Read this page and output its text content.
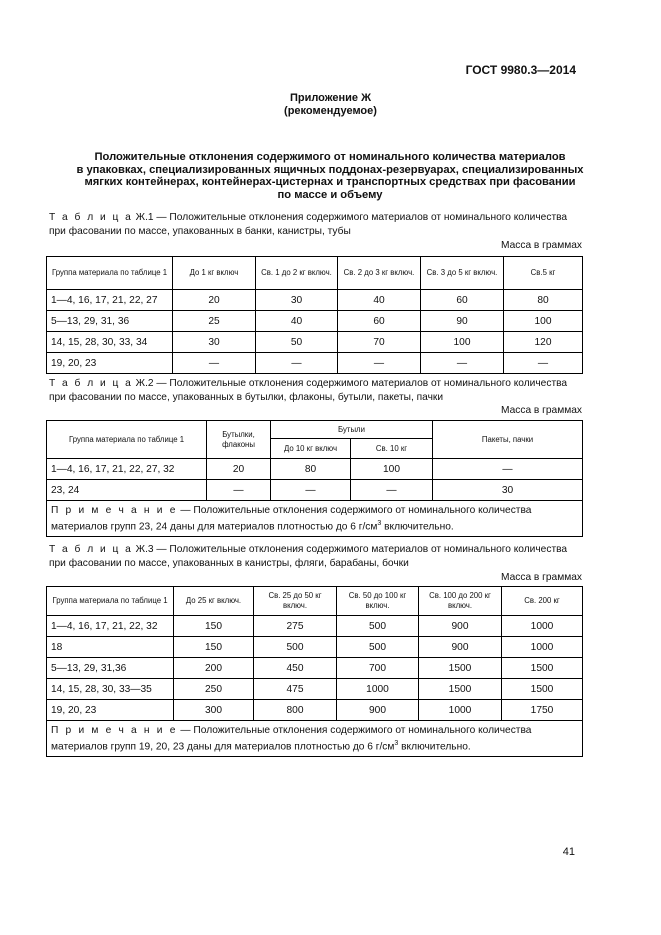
ГОСТ 9980.3—2014
Приложение Ж
(рекомендуемое)
Положительные отклонения содержимого от номинального количества материалов
в упаковках, специализированных ящичных поддонах-резервуарах, специализированных
мягких контейнерах, контейнерах-цистернах и транспортных средствах при фасовании
по массе и объему
Т а б л и ц а Ж.1 — Положительные отклонения содержимого материалов от номинального количества при фасовании по массе, упакованных в банки, канистры, тубы
Масса в граммах
Группа материала по таблице 1	До 1 кг включ	Св. 1 до 2 кг включ.	Св. 2 до 3 кг включ.	Св. 3 до 5 кг включ.	Св.5 кг
1—4, 16, 17, 21, 22, 27	20	30	40	60	80
5—13, 29, 31, 36	25	40	60	90	100
14, 15, 28, 30, 33, 34	30	50	70	100	120
19, 20, 23	—	—	—	—	—
Т а б л и ц а Ж.2 — Положительные отклонения содержимого материалов от номинального количества при фасовании по массе, упакованных в бутылки, флаконы, бутыли, пакеты, пачки
Масса в граммах
Группа материала по таблице 1	Бутылки, флаконы	Бутыли		Пакеты, пачки
		До 10 кг включ	Св. 10 кг	
1—4, 16, 17, 21, 22, 27, 32	20	80	100	—
23, 24	—	—	—	30
П р и м е ч а н и е — Положительные отклонения содержимого от номинального количества материалов групп 23, 24 даны для материалов плотностью до 6 $г/см^3$ включительно.				
Т а б л и ц а Ж.3 — Положительные отклонения содержимого материалов от номинального количества при фасовании по массе, упакованных в канистры, фляги, барабаны, бочки
Масса в граммах
Группа материала по таблице 1	До 25 кг включ.	Св. 25 до 50 кг включ.	Св. 50 до 100 кг включ.	Св. 100 до 200 кг включ.	Св. 200 кг
1—4, 16, 17, 21, 22, 32	150	275	500	900	1000
18	150	500	500	900	1000
5—13, 29, 31,36	200	450	700	1500	1500
14, 15, 28, 30, 33—35	250	475	1000	1500	1500
19, 20, 23	300	800	900	1000	1750
П р и м е ч а н и е — Положительные отклонения содержимого от номинального количества материалов групп 19, 20, 23 даны для материалов плотностью до 6 $г/см^3$ включительно.					
41
